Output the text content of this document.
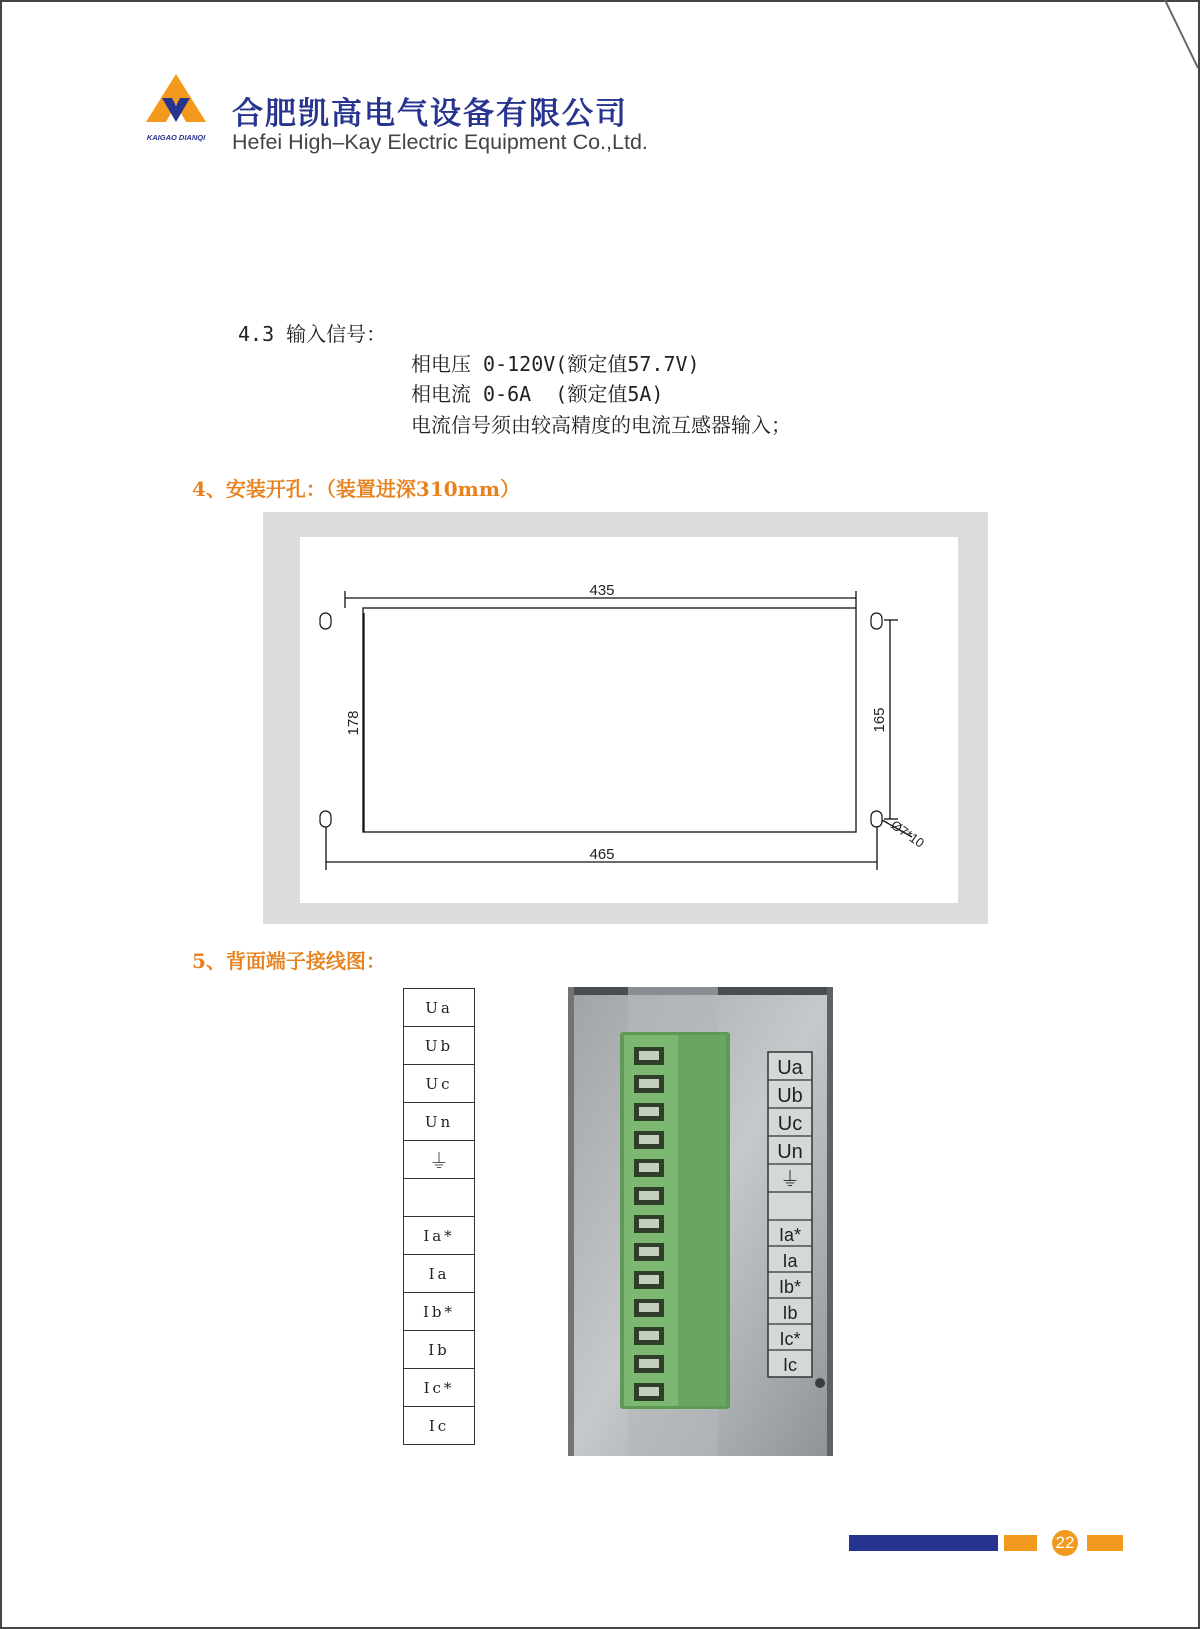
KAIGAO DIANQI
合肥凯高电气设备有限公司
Hefei High–Kay Electric Equipment Co.,Ltd.
4.3 输入信号：
相电压 0-120V(额定值57.7V)
相电流 0-6A  (额定值5A)
电流信号须由较高精度的电流互感器输入；
4、安装开孔：（装置进深310mm）
435
465
178	165
Ø7*10
5、背面端子接线图：
Ua
Ub
Uc
Un
⏚

Ia*
Ia
Ib*
Ib
Ic*
Ic
Ua
Ub
Uc
Un
⏚
Ia*
Ia
Ib*
Ib
Ic*
Ic
22
